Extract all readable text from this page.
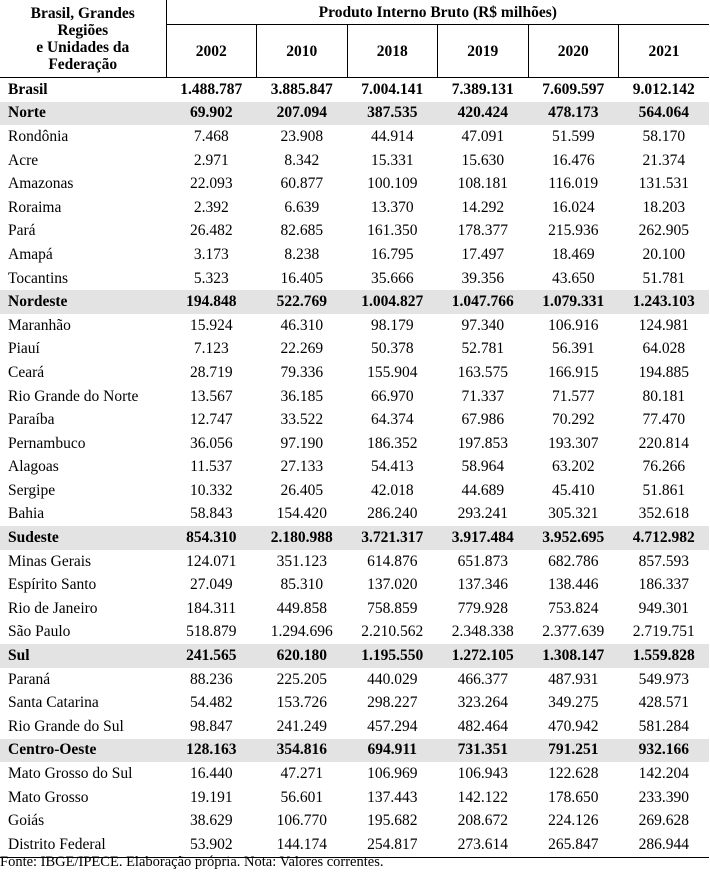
Brasil, Grandes
Regiões
e Unidades da
Federação	Produto Interno Bruto (R$ milhões)					
	2002	2010	2018	2019	2020	2021
Brasil	1.488.787	3.885.847	7.004.141	7.389.131	7.609.597	9.012.142
Norte	69.902	207.094	387.535	420.424	478.173	564.064
Rondônia	7.468	23.908	44.914	47.091	51.599	58.170
Acre	2.971	8.342	15.331	15.630	16.476	21.374
Amazonas	22.093	60.877	100.109	108.181	116.019	131.531
Roraima	2.392	6.639	13.370	14.292	16.024	18.203
Pará	26.482	82.685	161.350	178.377	215.936	262.905
Amapá	3.173	8.238	16.795	17.497	18.469	20.100
Tocantins	5.323	16.405	35.666	39.356	43.650	51.781
Nordeste	194.848	522.769	1.004.827	1.047.766	1.079.331	1.243.103
Maranhão	15.924	46.310	98.179	97.340	106.916	124.981
Piauí	7.123	22.269	50.378	52.781	56.391	64.028
Ceará	28.719	79.336	155.904	163.575	166.915	194.885
Rio Grande do Norte	13.567	36.185	66.970	71.337	71.577	80.181
Paraíba	12.747	33.522	64.374	67.986	70.292	77.470
Pernambuco	36.056	97.190	186.352	197.853	193.307	220.814
Alagoas	11.537	27.133	54.413	58.964	63.202	76.266
Sergipe	10.332	26.405	42.018	44.689	45.410	51.861
Bahia	58.843	154.420	286.240	293.241	305.321	352.618
Sudeste	854.310	2.180.988	3.721.317	3.917.484	3.952.695	4.712.982
Minas Gerais	124.071	351.123	614.876	651.873	682.786	857.593
Espírito Santo	27.049	85.310	137.020	137.346	138.446	186.337
Rio de Janeiro	184.311	449.858	758.859	779.928	753.824	949.301
São Paulo	518.879	1.294.696	2.210.562	2.348.338	2.377.639	2.719.751
Sul	241.565	620.180	1.195.550	1.272.105	1.308.147	1.559.828
Paraná	88.236	225.205	440.029	466.377	487.931	549.973
Santa Catarina	54.482	153.726	298.227	323.264	349.275	428.571
Rio Grande do Sul	98.847	241.249	457.294	482.464	470.942	581.284
Centro-Oeste	128.163	354.816	694.911	731.351	791.251	932.166
Mato Grosso do Sul	16.440	47.271	106.969	106.943	122.628	142.204
Mato Grosso	19.191	56.601	137.443	142.122	178.650	233.390
Goiás	38.629	106.770	195.682	208.672	224.126	269.628
Distrito Federal	53.902	144.174	254.817	273.614	265.847	286.944
Fonte: IBGE/IPECE. Elaboração própria. Nota: Valores correntes.
